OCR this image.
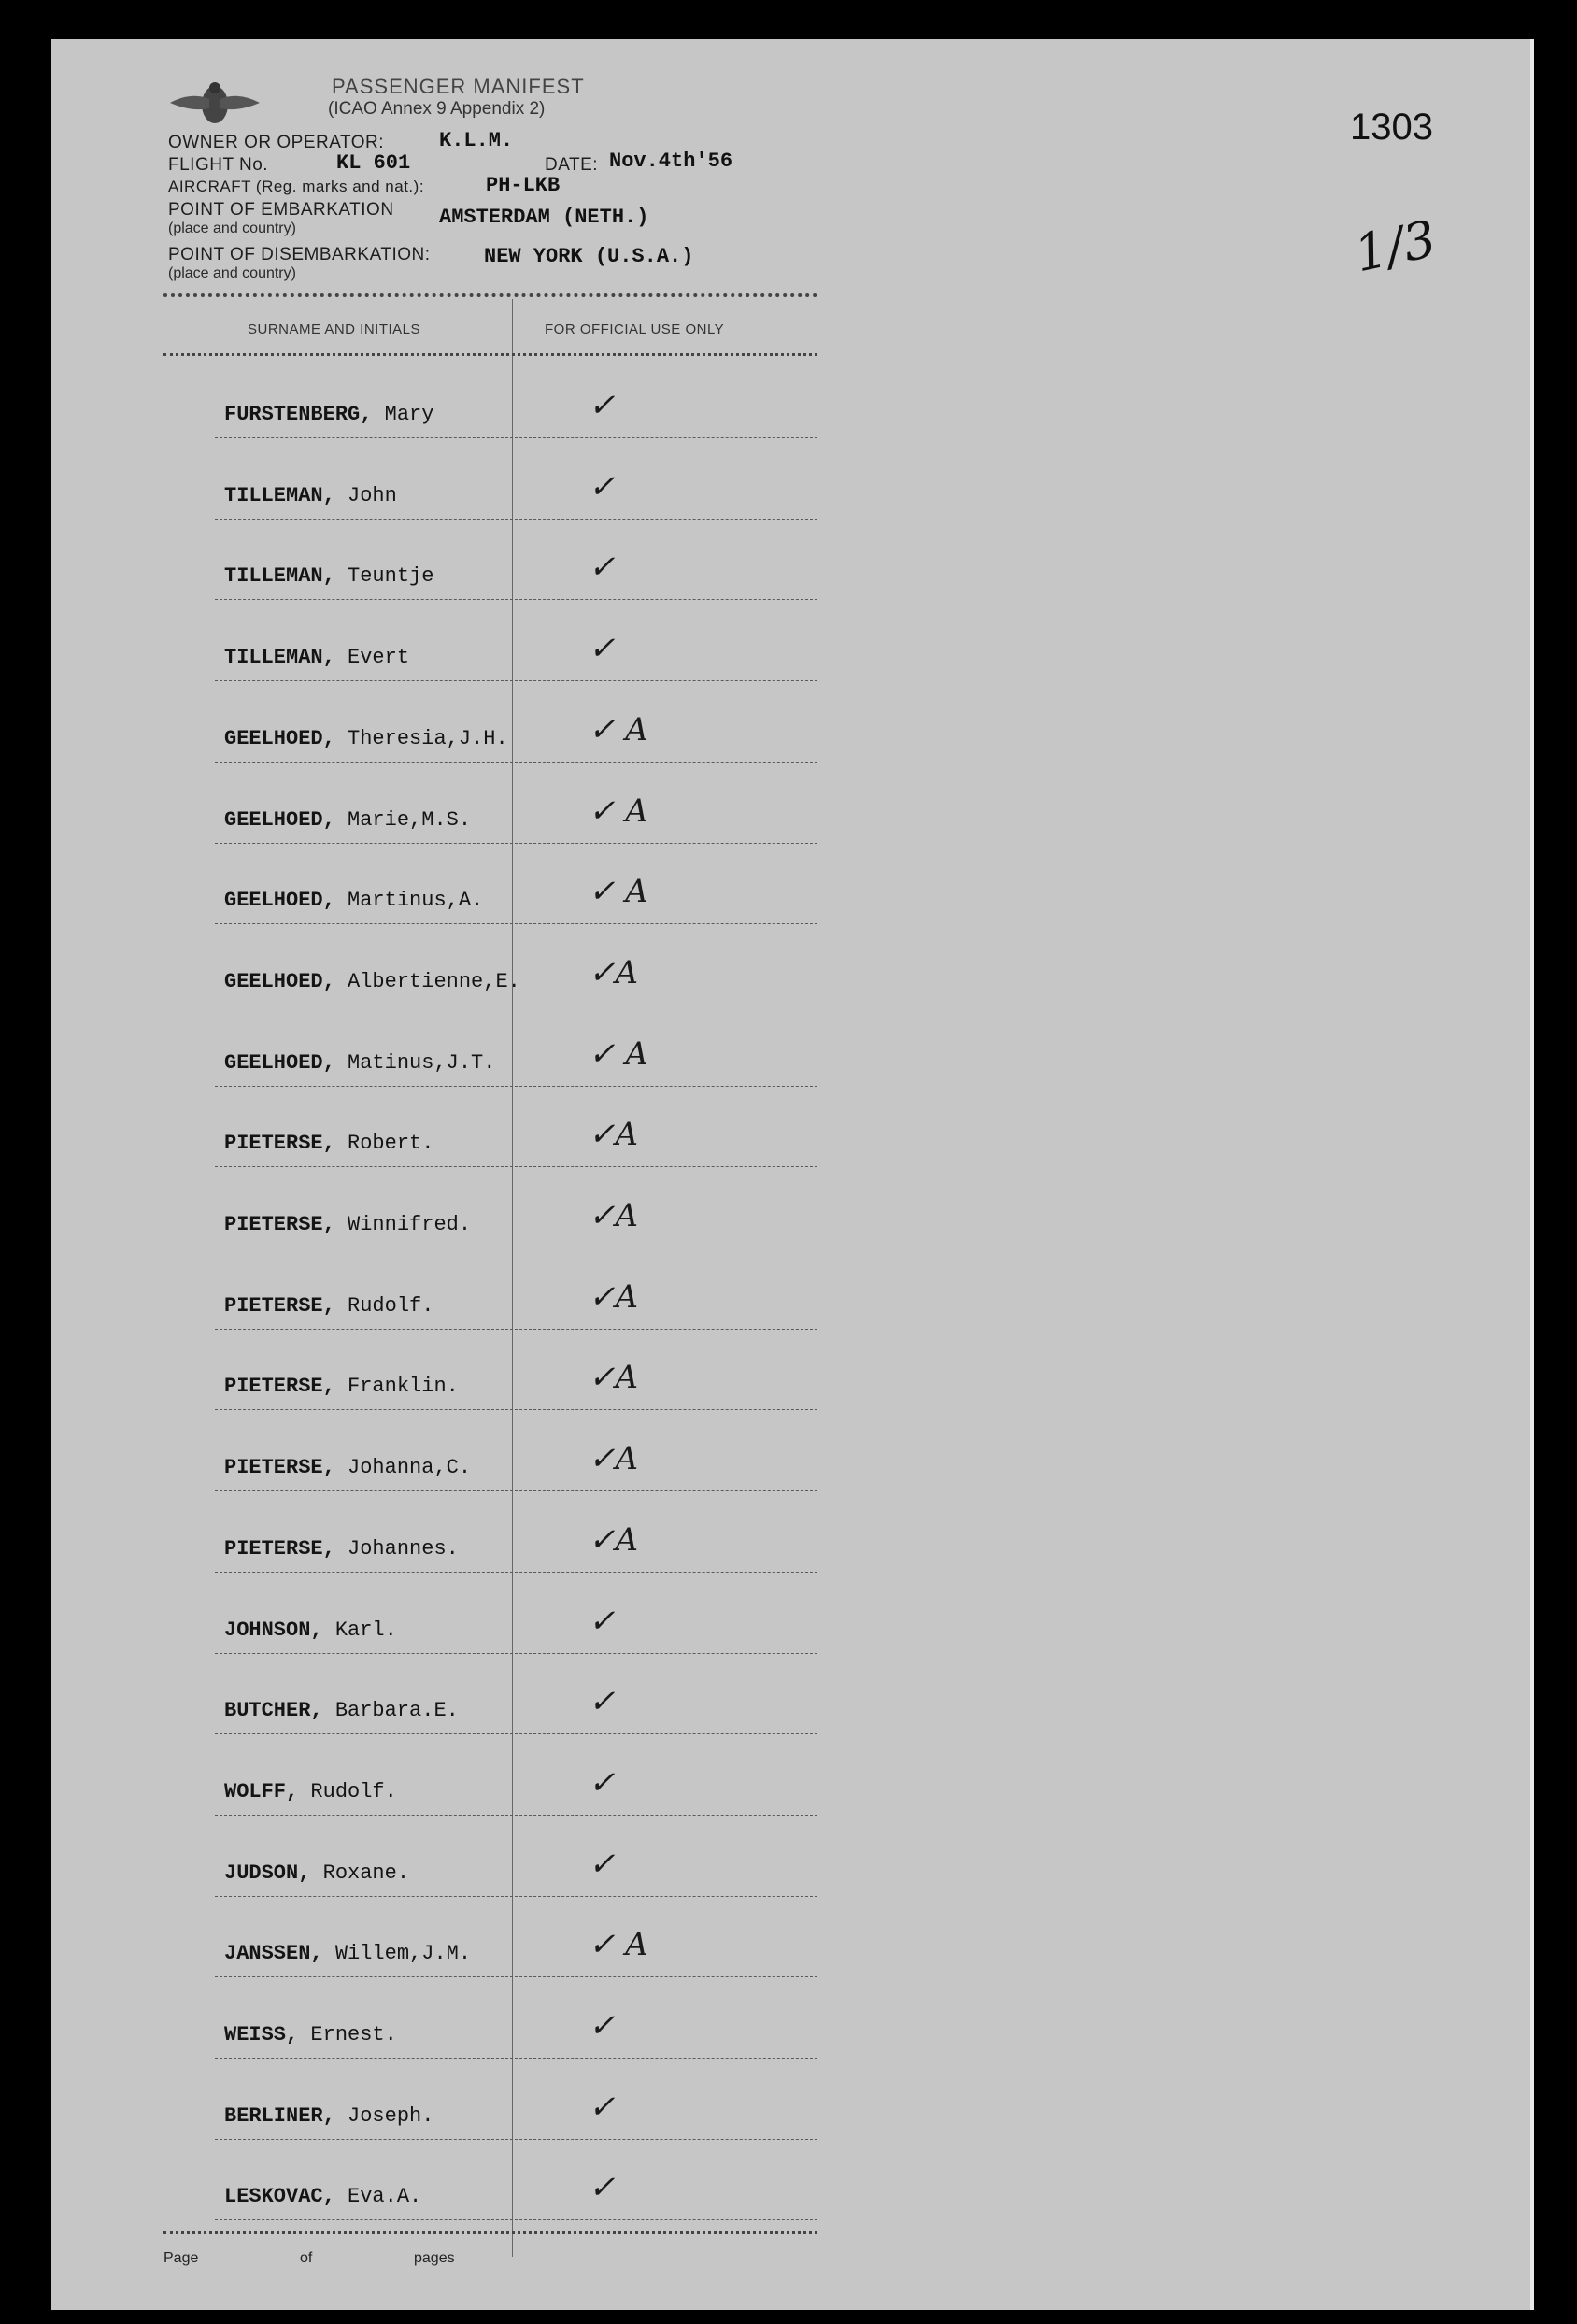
PASSENGER MANIFEST
(ICAO Annex 9 Appendix 2)
OWNER OR OPERATOR:	K.L.M.
FLIGHT No.	KL 601	DATE: Nov.4th'56
AIRCRAFT (Reg. marks and nat.):	PH-LKB
POINT OF EMBARKATION AMSTERDAM (NETH.)
(place and country)
POINT OF DISEMBARKATION:	NEW YORK (U.S.A.)
(place and country)
SURNAME AND INITIALS	FOR OFFICIAL USE ONLY
FURSTENBERG, Mary	✓
TILLEMAN, John	✓
TILLEMAN, Teuntje	✓
TILLEMAN, Evert	✓
GEELHOED, Theresia,J.H.	✓ A
GEELHOED, Marie,M.S.	✓ A
GEELHOED, Martinus,A.	✓ A
GEELHOED, Albertienne,E. ✓A
GEELHOED, Matinus,J.T.	✓ A
PIETERSE, Robert.	✓A
PIETERSE, Winnifred.	✓A
PIETERSE, Rudolf.	✓A
PIETERSE, Franklin.	✓A
PIETERSE, Johanna,C.	✓A
PIETERSE, Johannes.	✓A
JOHNSON, Karl.	✓
BUTCHER, Barbara.E.	✓
WOLFF, Rudolf.	✓
JUDSON, Roxane.	✓
JANSSEN, Willem,J.M.	✓ A
WEISS, Ernest.	✓
BERLINER, Joseph.	✓
LESKOVAC, Eva.A.	✓
Page	of	pages
1303
1/3
